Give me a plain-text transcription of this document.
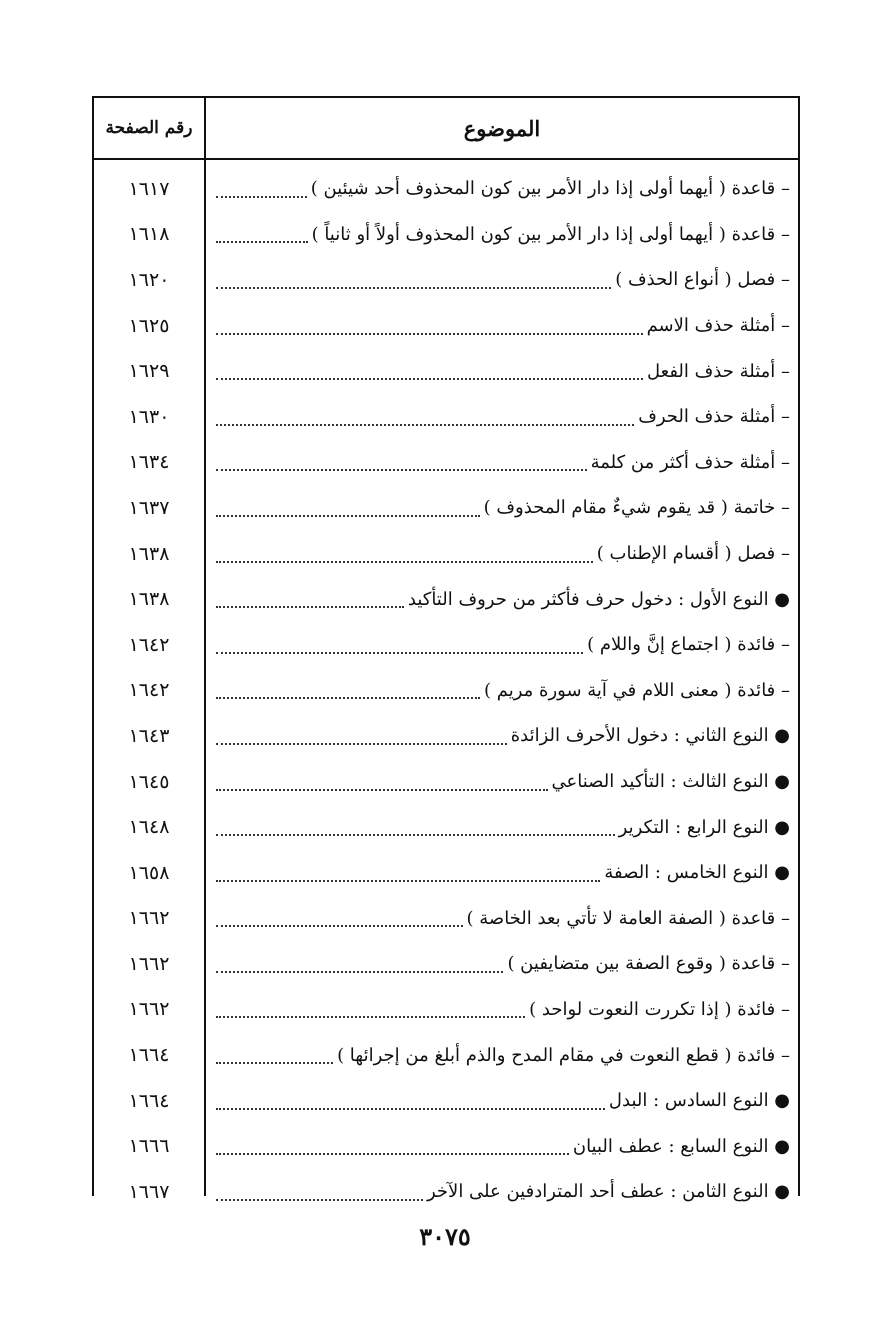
الموضوع
رقم الصفحة
– قاعدة ( أيهما أولى إذا دار الأمر بين كون المحذوف أحد شيئين )
١٦١٧
– قاعدة ( أيهما أولى إذا دار الأمر بين كون المحذوف أولاً أو ثانياً )
١٦١٨
– فصل ( أنواع الحذف )
١٦٢٠
– أمثلة حذف الاسم
١٦٢٥
– أمثلة حذف الفعل
١٦٢٩
– أمثلة حذف الحرف
١٦٣٠
– أمثلة حذف أكثر من كلمة
١٦٣٤
– خاتمة ( قد يقوم شيءٌ مقام المحذوف )
١٦٣٧
– فصل ( أقسام الإطناب )
١٦٣٨
● النوع الأول : دخول حرف فأكثر من حروف التأكيد
١٦٣٨
– فائدة ( اجتماع إنَّ واللام )
١٦٤٢
– فائدة ( معنى اللام في آية سورة مريم )
١٦٤٢
● النوع الثاني : دخول الأحرف الزائدة
١٦٤٣
● النوع الثالث : التأكيد الصناعي
١٦٤٥
● النوع الرابع : التكرير
١٦٤٨
● النوع الخامس : الصفة
١٦٥٨
– قاعدة ( الصفة العامة لا تأتي بعد الخاصة )
١٦٦٢
– قاعدة ( وقوع الصفة بين متضايفين )
١٦٦٢
– فائدة ( إذا تكررت النعوت لواحد )
١٦٦٢
– فائدة ( قطع النعوت في مقام المدح والذم أبلغ من إجرائها )
١٦٦٤
● النوع السادس : البدل
١٦٦٤
● النوع السابع : عطف البيان
١٦٦٦
● النوع الثامن : عطف أحد المترادفين على الآخر
١٦٦٧
٣٠٧٥
